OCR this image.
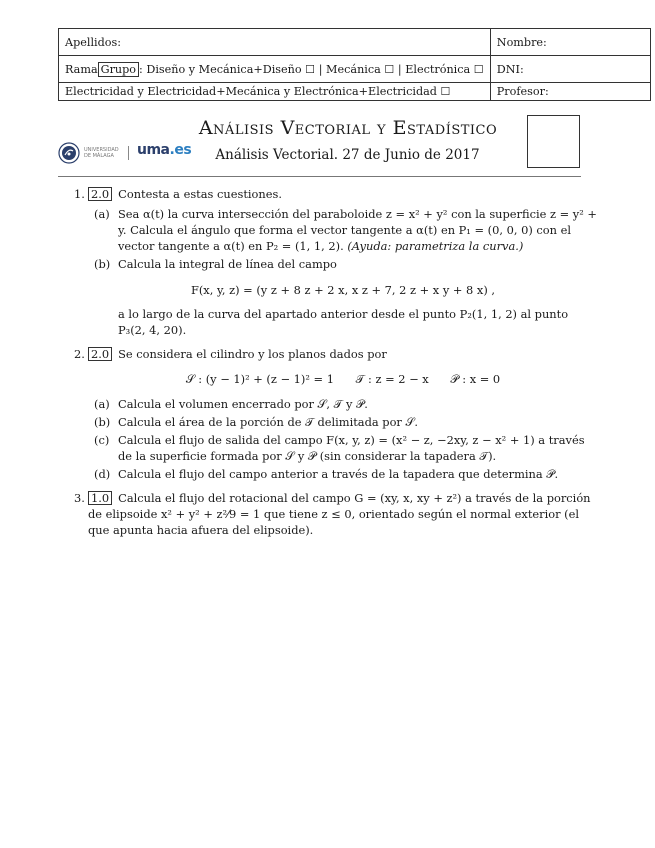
Apellidos:	Nombre:
Rama Grupo : Diseño y Mecánica+Diseño ☐ | Mecánica ☐ | Electrónica ☐	DNI:
Electricidad y Electricidad+Mecánica y Electrónica+Electricidad ☐	Profesor:
Análisis Vectorial y Estadístico
Análisis Vectorial. 27 de Junio de 2017
UNIVERSIDAD
DE MÁLAGA	uma.es
1. 2.0 Contesta a estas cuestiones.
(a) Sea α(t) la curva intersección del paraboloide z = x² + y² con la superficie z = y² + y. Calcula el ángulo que forma el vector tangente a α(t) en P₁ = (0, 0, 0) con el vector tangente a α(t) en P₂ = (1, 1, 2). (Ayuda: parametriza la curva.)
(b) Calcula la integral de línea del campo
F(x, y, z) = (y z + 8 z + 2 x, x z + 7, 2 z + x y + 8 x) ,
a lo largo de la curva del apartado anterior desde el punto P₂(1, 1, 2) al punto P₃(2, 4, 20).
2. 2.0 Se considera el cilindro y los planos dados por
𝒮 : (y − 1)² + (z − 1)² = 1      𝒯 : z = 2 − x      𝒫 : x = 0
(a) Calcula el volumen encerrado por 𝒮, 𝒯 y 𝒫.
(b) Calcula el área de la porción de 𝒯 delimitada por 𝒮.
(c) Calcula el flujo de salida del campo F(x, y, z) = (x² − z, −2xy, z − x² + 1) a través de la superficie formada por 𝒮 y 𝒫 (sin considerar la tapadera 𝒯).
(d) Calcula el flujo del campo anterior a través de la tapadera que determina 𝒫.
3. 1.0 Calcula el flujo del rotacional del campo G = (xy, x, xy + z²) a través de la porción de elipsoide x² + y² + z²⁄9 = 1 que tiene z ≤ 0, orientado según el normal exterior (el que apunta hacia afuera del elipsoide).
